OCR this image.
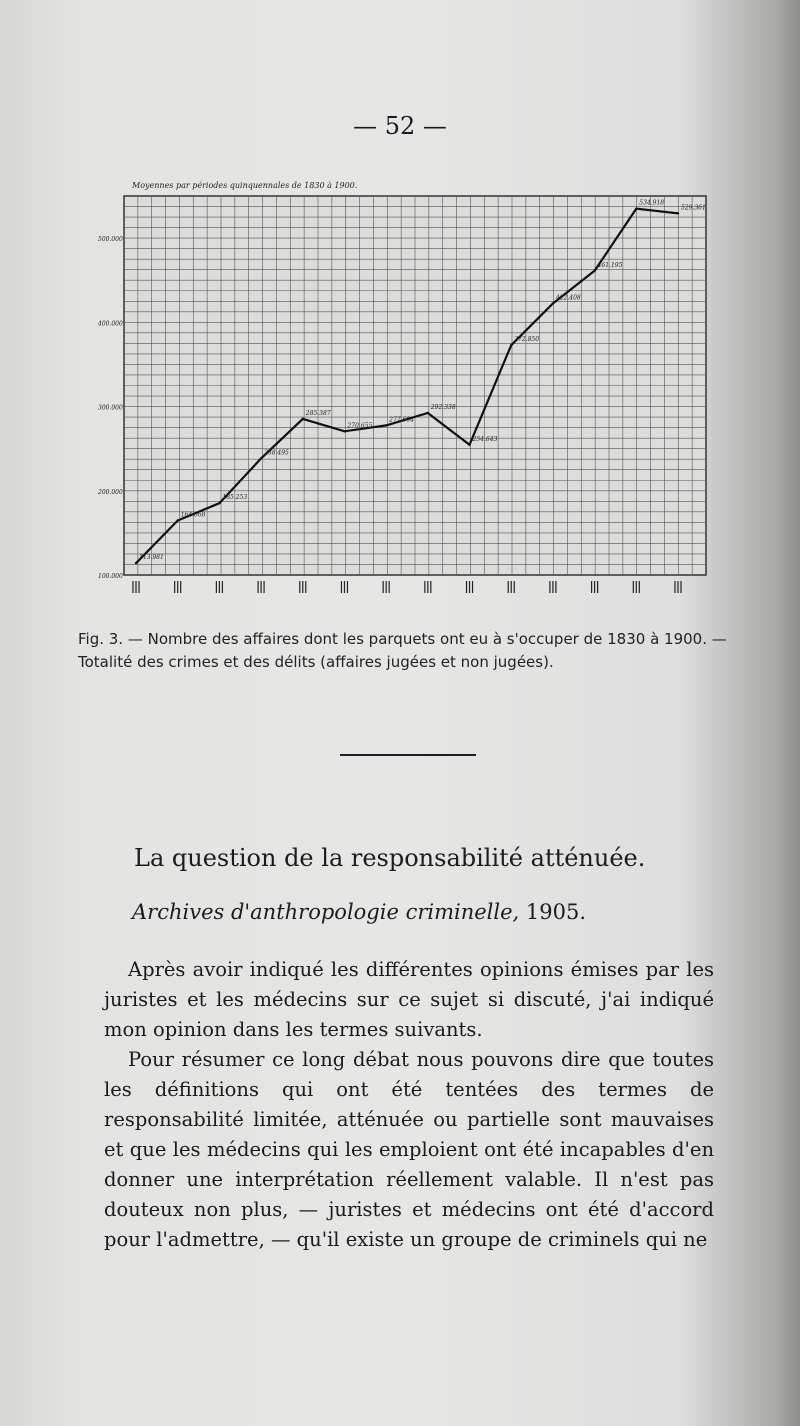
— 52 —
Moyennes par périodes quinquennales de 1830 à 1900.
100.000
200.000
300.000
400.000
500.000
113.981
164.668
185.253
238.495
285.387
270.655
277.604
292.338
254.643
372.850
422.408
461.195
534.918
529.361
Fig. 3. — Nombre des affaires dont les parquets ont eu à s'occuper de 1830 à 1900. — Totalité des crimes et des délits (affaires jugées et non jugées).
La question de la responsabilité atténuée.
Archives d'anthropologie criminelle, 1905.

Après avoir indiqué les différentes opinions émises par les juristes et les médecins sur ce sujet si discuté, j'ai indiqué mon opinion dans les termes suivants.

Pour résumer ce long débat nous pouvons dire que toutes les définitions qui ont été tentées des termes de responsabilité limitée, atténuée ou partielle sont mauvaises et que les médecins qui les emploient ont été incapables d'en donner une interprétation réellement valable. Il n'est pas douteux non plus, — juristes et médecins ont été d'accord pour l'admettre, — qu'il existe un groupe de criminels qui ne
